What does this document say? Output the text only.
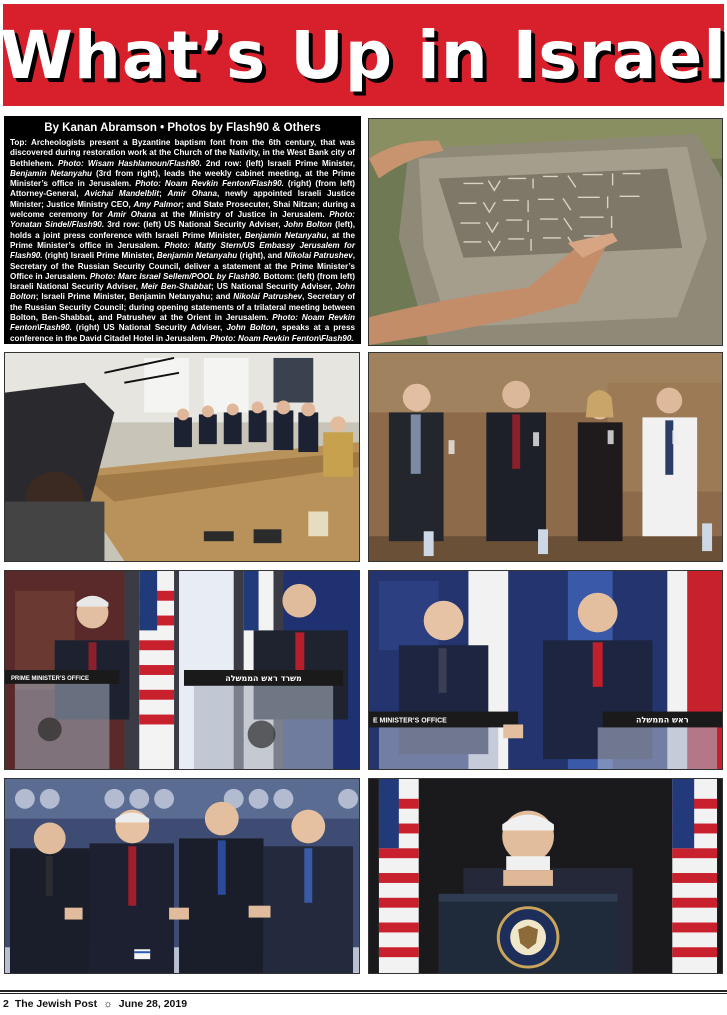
What’s Up in Israel
By Kanan Abramson • Photos by Flash90 & Others
Top: Archeologists present a Byzantine baptism font from the 6th century, that was discovered during restoration work at the Church of the Nativity, in the West Bank city of Bethlehem. Photo: Wisam Hashlamoun/Flash90. 2nd row: (left) Israeli Prime Minister, Benjamin Netanyahu (3rd from right), leads the weekly cabinet meeting, at the Prime Minister’s office in Jerusalem. Photo: Noam Revkin Fenton/Flash90. (right) (from left) Attorney-General, Avichai Mandelblit; Amir Ohana, newly appointed Israeli Justice Minister; Justice Ministry CEO, Amy Palmor; and State Prosecuter, Shai Nitzan; during a welcome ceremony for Amir Ohana at the Ministry of Justice in Jerusalem. Photo: Yonatan Sindel/Flash90. 3rd row: (left) US National Security Adviser, John Bolton (left), holds a joint press conference with Israeli Prime Minister, Benjamin Netanyahu, at the Prime Minister’s office in Jerusalem. Photo: Matty Stern/US Embassy Jerusalem for Flash90. (right) Israeli Prime Minister, Benjamin Netanyahu (right), and Nikolai Patrushev, Secretary of the Russian Security Council, deliver a statement at the Prime Minister’s Office in Jerusalem. Photo: Marc Israel Sellem/POOL by Flash90. Bottom: (left) (from left) Israeli National Security Adviser, Meir Ben-Shabbat; US National Security Adviser, John Bolton; Israeli Prime Minister, Benjamin Netanyahu; and Nikolai Patrushev, Secretary of the Russian Security Council; during opening statements of a trilateral meeting between Bolton, Ben-Shabbat, and Patrushev at the Orient in Jerusalem. Photo: Noam Revkin Fenton\Flash90. (right) US National Security Adviser, John Bolton, speaks at a press conference in the David Citadel Hotel in Jerusalem. Photo: Noam Revkin Fenton\Flash90.
PRIME MINISTER’S OFFICE	משרד ראש הממשלה
E MINISTER’S OFFICE	ראש הממשלה
2 The Jewish Post ☼ June 28, 2019
